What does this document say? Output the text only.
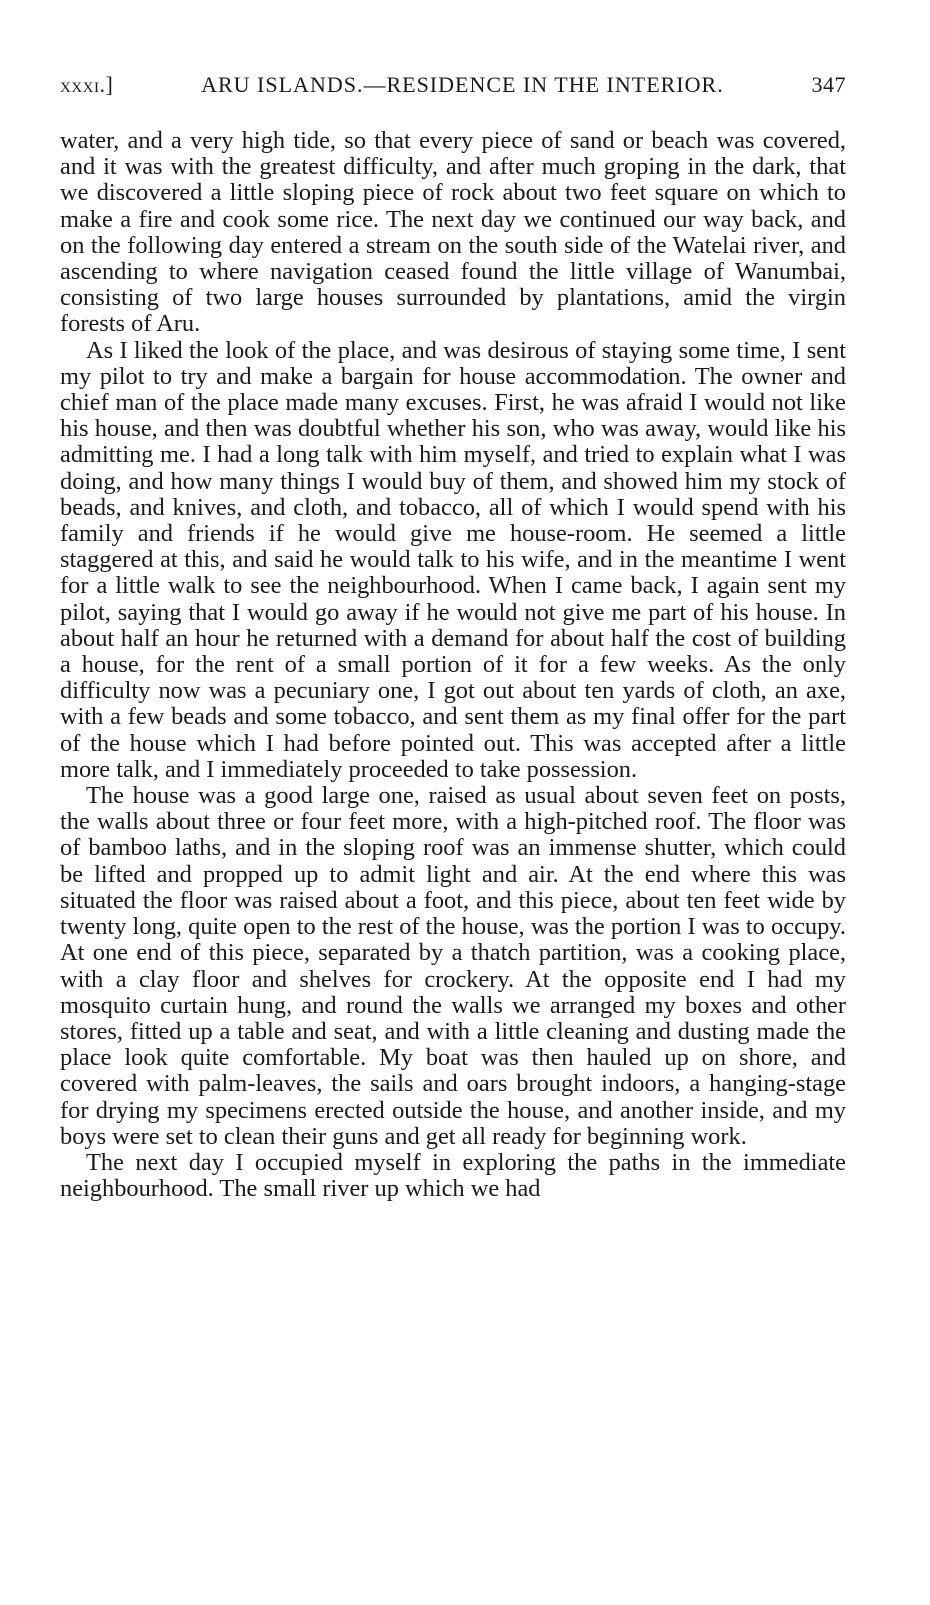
xxxi.]	ARU ISLANDS.—RESIDENCE IN THE INTERIOR.	347

water, and a very high tide, so that every piece of sand or beach was covered, and it was with the greatest difficulty, and after much groping in the dark, that we discovered a little sloping piece of rock about two feet square on which to make a fire and cook some rice. The next day we continued our way back, and on the following day entered a stream on the south side of the Watelai river, and ascending to where navigation ceased found the little village of Wanumbai, consisting of two large houses surrounded by plantations, amid the virgin forests of Aru.

As I liked the look of the place, and was desirous of staying some time, I sent my pilot to try and make a bargain for house accommodation. The owner and chief man of the place made many excuses. First, he was afraid I would not like his house, and then was doubtful whether his son, who was away, would like his admitting me. I had a long talk with him myself, and tried to explain what I was doing, and how many things I would buy of them, and showed him my stock of beads, and knives, and cloth, and tobacco, all of which I would spend with his family and friends if he would give me house-room. He seemed a little staggered at this, and said he would talk to his wife, and in the meantime I went for a little walk to see the neighbourhood. When I came back, I again sent my pilot, saying that I would go away if he would not give me part of his house. In about half an hour he returned with a demand for about half the cost of building a house, for the rent of a small portion of it for a few weeks. As the only difficulty now was a pecuniary one, I got out about ten yards of cloth, an axe, with a few beads and some tobacco, and sent them as my final offer for the part of the house which I had before pointed out. This was accepted after a little more talk, and I immediately proceeded to take possession.

The house was a good large one, raised as usual about seven feet on posts, the walls about three or four feet more, with a high-pitched roof. The floor was of bamboo laths, and in the sloping roof was an immense shutter, which could be lifted and propped up to admit light and air. At the end where this was situated the floor was raised about a foot, and this piece, about ten feet wide by twenty long, quite open to the rest of the house, was the portion I was to occupy. At one end of this piece, separated by a thatch partition, was a cooking place, with a clay floor and shelves for crockery. At the opposite end I had my mosquito curtain hung, and round the walls we arranged my boxes and other stores, fitted up a table and seat, and with a little cleaning and dusting made the place look quite comfortable. My boat was then hauled up on shore, and covered with palm-leaves, the sails and oars brought indoors, a hanging-stage for drying my specimens erected outside the house, and another inside, and my boys were set to clean their guns and get all ready for beginning work.

The next day I occupied myself in exploring the paths in the immediate neighbourhood. The small river up which we had
